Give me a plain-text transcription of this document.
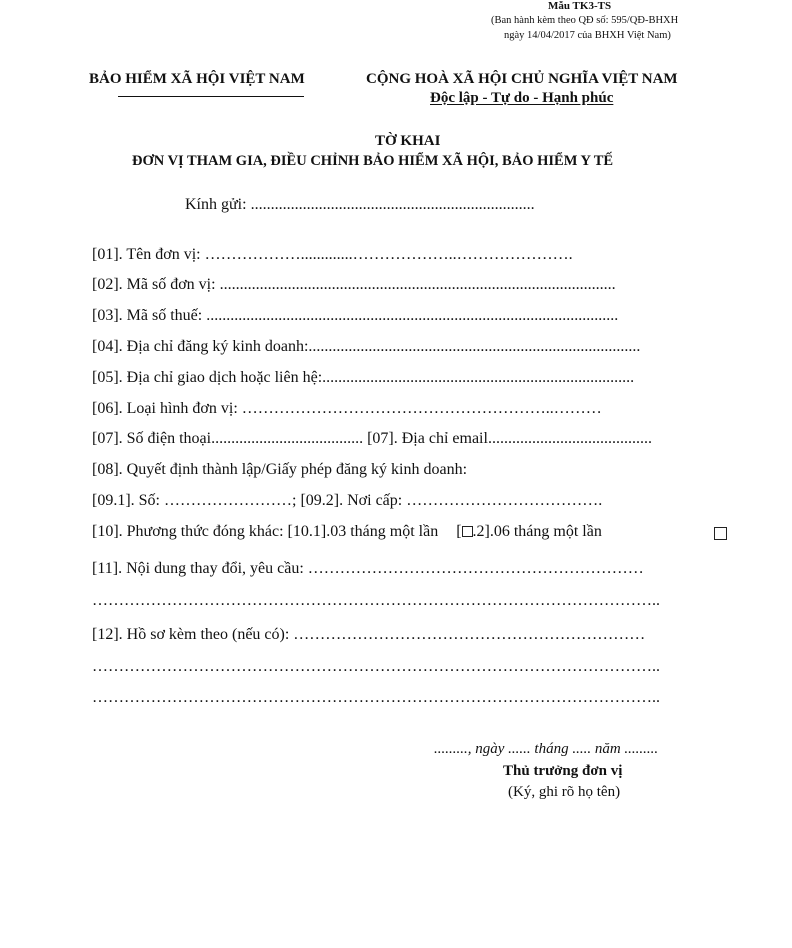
Mẫu TK3-TS
(Ban hành kèm theo QĐ số: 595/QĐ-BHXH
ngày 14/04/2017 của BHXH Việt Nam)
BẢO HIỂM XÃ HỘI VIỆT NAM	CỘNG HOÀ XÃ HỘI CHỦ NGHĨA VIỆT NAM
Độc lập - Tự do - Hạnh phúc
TỜ KHAI
ĐƠN VỊ THAM GIA, ĐIỀU CHỈNH BẢO HIỂM XÃ HỘI, BẢO HIỂM Y TẾ
Kính gửi: .......................................................................
[01]. Tên đơn vị: ……………….............………………..………………….
[02]. Mã số đơn vị: ...................................................................................................
[03]. Mã số thuế: .......................................................................................................
[04]. Địa chỉ đăng ký kinh doanh:...................................................................................
[05]. Địa chỉ giao dịch hoặc liên hệ:..............................................................................
[06]. Loại hình đơn vị: …………………………………………………..………
[07]. Số điện thoại...................................... [07]. Địa chỉ email.........................................
[08]. Quyết định thành lập/Giấy phép đăng ký kinh doanh:
[09.1]. Số: ……………………; [09.2]. Nơi cấp: ……………………………….
[10]. Phương thức đóng khác: [10.1].03 tháng một lần [ .2].06 tháng một lần
[11]. Nội dung thay đổi, yêu cầu: ………………………………………………………
……………………………………………………………………………………………..
[12]. Hồ sơ kèm theo (nếu có): …………………………………………………………
……………………………………………………………………………………………..
……………………………………………………………………………………………..
........., ngày ...... tháng ..... năm .........
Thủ trưởng đơn vị
(Ký, ghi rõ họ tên)
